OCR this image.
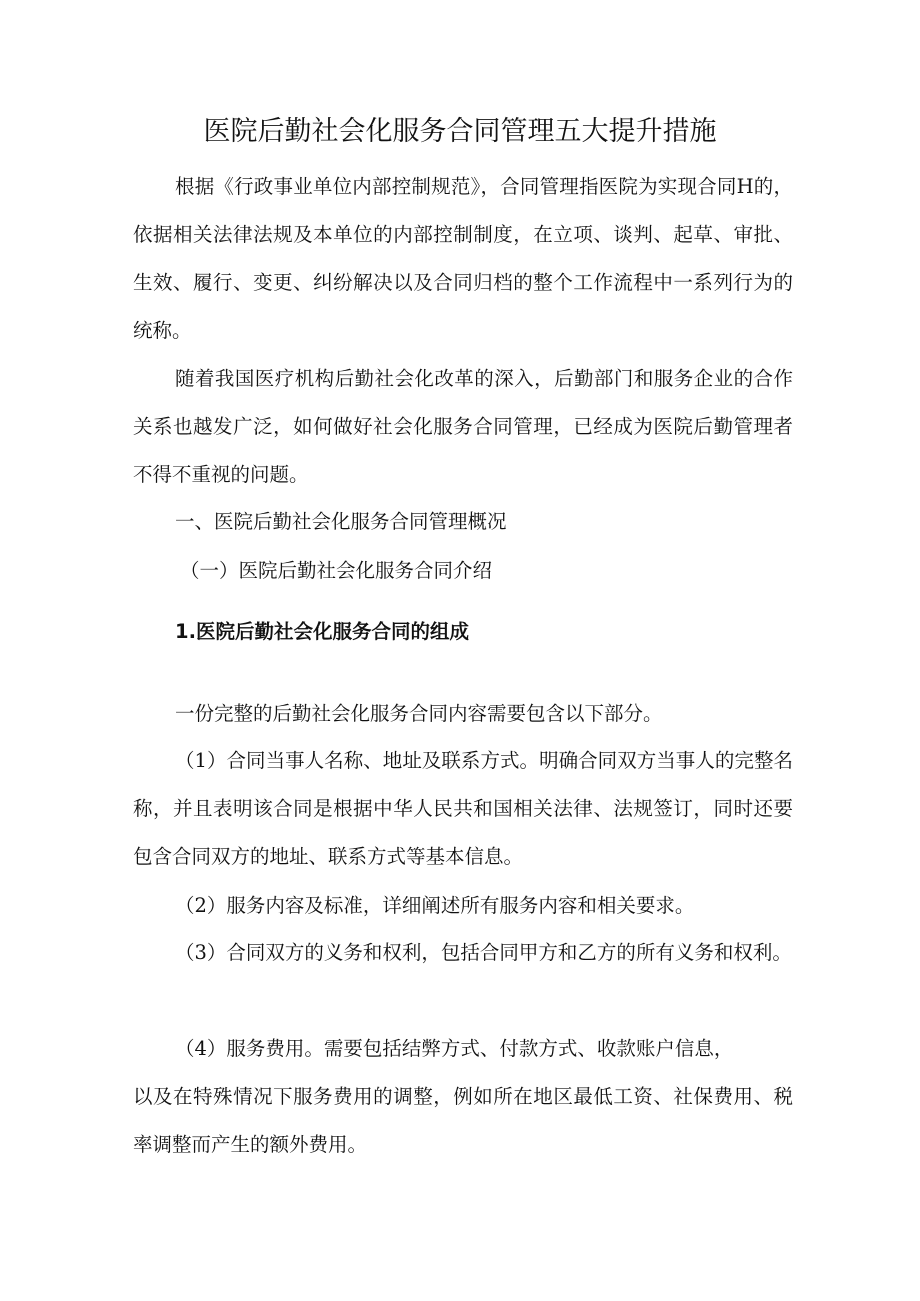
医院后勤社会化服务合同管理五大提升措施

根据《行政事业单位内部控制规范》，合同管理指医院为实现合同H的，依据相关法律法规及本单位的内部控制制度，在立项、谈判、起草、审批、生效、履行、变更、纠纷解决以及合同归档的整个工作流程中一系列行为的统称。

随着我国医疗机构后勤社会化改革的深入，后勤部门和服务企业的合作关系也越发广泛，如何做好社会化服务合同管理，已经成为医院后勤管理者不得不重视的问题。

一、医院后勤社会化服务合同管理概况
（一）医院后勤社会化服务合同介绍
1.医院后勤社会化服务合同的组成

一份完整的后勤社会化服务合同内容需要包含以下部分。

（1）合同当事人名称、地址及联系方式。明确合同双方当事人的完整名称，并且表明该合同是根据中华人民共和国相关法律、法规签订，同时还要包含合同双方的地址、联系方式等基本信息。

（2）服务内容及标准，详细阐述所有服务内容和相关要求。

（3）合同双方的义务和权利，包括合同甲方和乙方的所有义务和权利。

（4）服务费用。需要包括结弊方式、付款方式、收款账户信息，

以及在特殊情况下服务费用的调整，例如所在地区最低工资、社保费用、税率调整而产生的额外费用。
